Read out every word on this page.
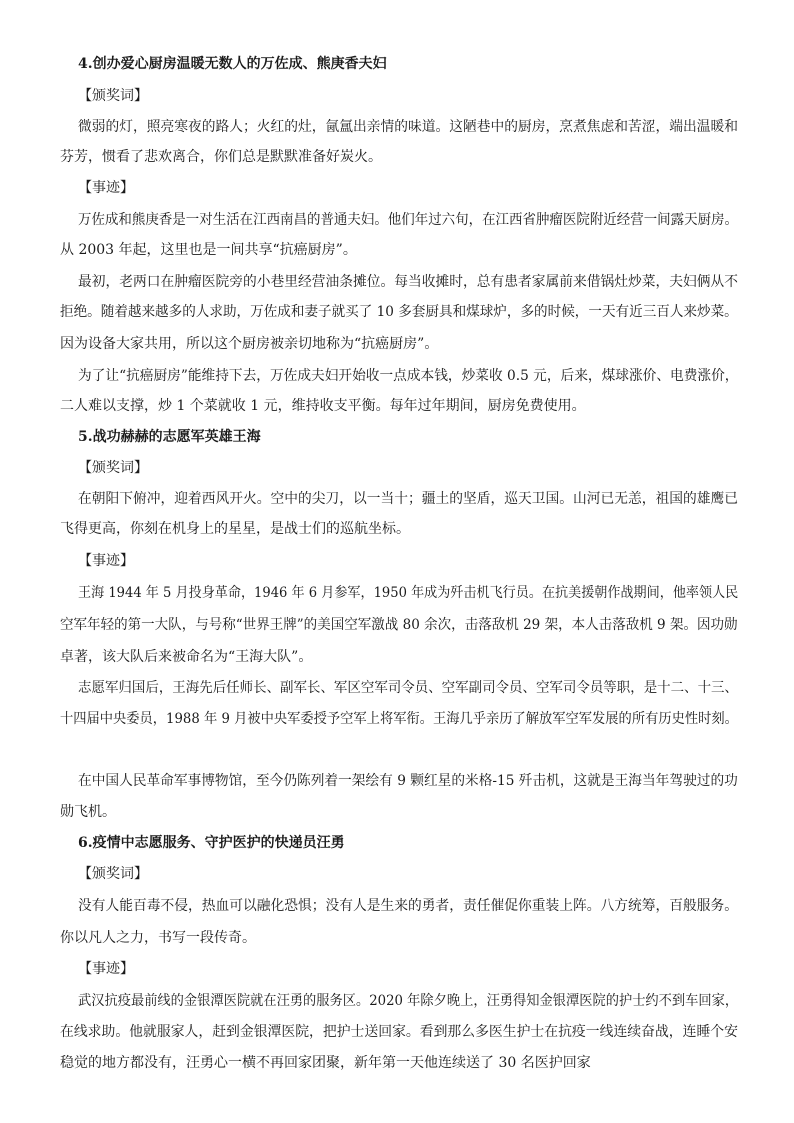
4.创办爱心厨房温暖无数人的万佐成、熊庚香夫妇
【颁奖词】
微弱的灯，照亮寒夜的路人；火红的灶，氤氲出亲情的味道。这陋巷中的厨房，烹煮焦虑和苦涩，端出温暖和
芬芳，惯看了悲欢离合，你们总是默默准备好炭火。
【事迹】
万佐成和熊庚香是一对生活在江西南昌的普通夫妇。他们年过六旬，在江西省肿瘤医院附近经营一间露天厨房。
从 2003 年起，这里也是一间共享“抗癌厨房”。
最初，老两口在肿瘤医院旁的小巷里经营油条摊位。每当收摊时，总有患者家属前来借锅灶炒菜，夫妇俩从不
拒绝。随着越来越多的人求助，万佐成和妻子就买了 10 多套厨具和煤球炉，多的时候，一天有近三百人来炒菜。
因为设备大家共用，所以这个厨房被亲切地称为“抗癌厨房”。
为了让“抗癌厨房”能维持下去，万佐成夫妇开始收一点成本钱，炒菜收 0.5 元，后来，煤球涨价、电费涨价，
二人难以支撑，炒 1 个菜就收 1 元，维持收支平衡。每年过年期间，厨房免费使用。
5.战功赫赫的志愿军英雄王海
【颁奖词】
在朝阳下俯冲，迎着西风开火。空中的尖刀，以一当十；疆土的坚盾，巡天卫国。山河已无恙，祖国的雄鹰已
飞得更高，你刻在机身上的星星，是战士们的巡航坐标。
【事迹】
王海 1944 年 5 月投身革命，1946 年 6 月参军，1950 年成为歼击机飞行员。在抗美援朝作战期间，他率领人民
空军年轻的第一大队，与号称“世界王牌”的美国空军激战 80 余次，击落敌机 29 架，本人击落敌机 9 架。因功勋
卓著，该大队后来被命名为“王海大队”。
志愿军归国后，王海先后任师长、副军长、军区空军司令员、空军副司令员、空军司令员等职，是十二、十三、
十四届中央委员，1988 年 9 月被中央军委授予空军上将军衔。王海几乎亲历了解放军空军发展的所有历史性时刻。
在中国人民革命军事博物馆，至今仍陈列着一架绘有 9 颗红星的米格-15 歼击机，这就是王海当年驾驶过的功
勋飞机。
6.疫情中志愿服务、守护医护的快递员汪勇
【颁奖词】
没有人能百毒不侵，热血可以融化恐惧；没有人是生来的勇者，责任催促你重装上阵。八方统筹，百般服务。
你以凡人之力，书写一段传奇。
【事迹】
武汉抗疫最前线的金银潭医院就在汪勇的服务区。2020 年除夕晚上，汪勇得知金银潭医院的护士约不到车回家，
在线求助。他就服家人，赶到金银潭医院，把护士送回家。看到那么多医生护士在抗疫一线连续奋战，连睡个安
稳觉的地方都没有，汪勇心一横不再回家团聚，新年第一天他连续送了 30 名医护回家
